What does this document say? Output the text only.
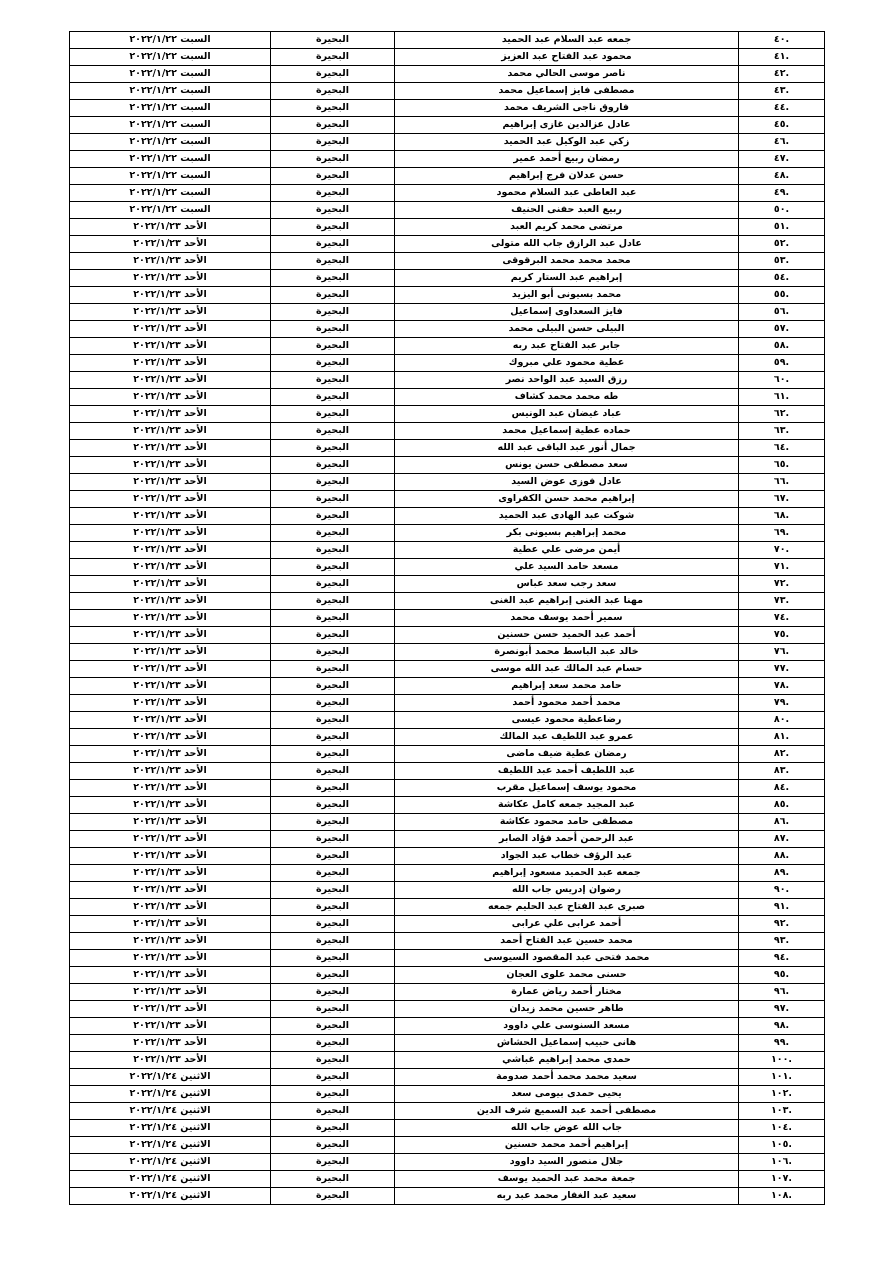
.٤٠	جمعه عبد السلام عبد الحميد	البحيرة	السبت ٢٠٢٢/١/٢٢
.٤١	محمود عبد الفتاح عبد العزيز	البحيرة	السبت ٢٠٢٢/١/٢٢
.٤٢	ناصر موسى الحالي محمد	البحيرة	السبت ٢٠٢٢/١/٢٢
.٤٣	مصطفى فايز إسماعيل محمد	البحيرة	السبت ٢٠٢٢/١/٢٢
.٤٤	فاروق ناجى الشريف محمد	البحيرة	السبت ٢٠٢٢/١/٢٢
.٤٥	عادل عزالدين غازى إبراهيم	البحيرة	السبت ٢٠٢٢/١/٢٢
.٤٦	زكي عبد الوكيل عبد الحميد	البحيرة	السبت ٢٠٢٢/١/٢٢
.٤٧	رمضان ربيع أحمد عمير	البحيرة	السبت ٢٠٢٢/١/٢٢
.٤٨	حسن عدلان فرج إبراهيم	البحيرة	السبت ٢٠٢٢/١/٢٢
.٤٩	عبد العاطى عبد السلام محمود	البحيرة	السبت ٢٠٢٢/١/٢٢
.٥٠	ربيع العبد حفنى الحنيف	البحيرة	السبت ٢٠٢٢/١/٢٢
.٥١	مرتضى محمد كريم العبد	البحيرة	الأحد ٢٠٢٢/١/٢٣
.٥٢	عادل عبد الرازق جاب الله متولى	البحيرة	الأحد ٢٠٢٢/١/٢٣
.٥٣	محمد محمد محمد البرقوقى	البحيرة	الأحد ٢٠٢٢/١/٢٣
.٥٤	إبراهيم عبد الستار كريم	البحيرة	الأحد ٢٠٢٢/١/٢٣
.٥٥	محمد بسيونى أبو اليزيد	البحيرة	الأحد ٢٠٢٢/١/٢٣
.٥٦	فايز السعداوى إسماعيل	البحيرة	الأحد ٢٠٢٢/١/٢٣
.٥٧	البيلى حسن البيلى محمد	البحيرة	الأحد ٢٠٢٢/١/٢٣
.٥٨	جابر عبد الفتاح عبد ربه	البحيرة	الأحد ٢٠٢٢/١/٢٣
.٥٩	عطية محمود علي مبروك	البحيرة	الأحد ٢٠٢٢/١/٢٣
.٦٠	رزق السيد عبد الواحد نصر	البحيرة	الأحد ٢٠٢٢/١/٢٣
.٦١	طه محمد محمد كشاف	البحيرة	الأحد ٢٠٢٢/١/٢٣
.٦٢	عباد غيضان عبد الونيس	البحيرة	الأحد ٢٠٢٢/١/٢٣
.٦٣	حماده عطية إسماعيل محمد	البحيرة	الأحد ٢٠٢٢/١/٢٣
.٦٤	جمال أنور عبد الباقى عبد الله	البحيرة	الأحد ٢٠٢٢/١/٢٣
.٦٥	سعد مصطفى حسن يونس	البحيرة	الأحد ٢٠٢٢/١/٢٣
.٦٦	عادل فوزى عوض السيد	البحيرة	الأحد ٢٠٢٢/١/٢٣
.٦٧	إبراهيم محمد حسن الكفراوى	البحيرة	الأحد ٢٠٢٢/١/٢٣
.٦٨	شوكت عبد الهادى عبد الحميد	البحيرة	الأحد ٢٠٢٢/١/٢٣
.٦٩	محمد إبراهيم بسيونى بكر	البحيرة	الأحد ٢٠٢٢/١/٢٣
.٧٠	أيمن مرضى علي عطية	البحيرة	الأحد ٢٠٢٢/١/٢٣
.٧١	مسعد حامد السيد علي	البحيرة	الأحد ٢٠٢٢/١/٢٣
.٧٢	سعد رجب سعد عباس	البحيرة	الأحد ٢٠٢٢/١/٢٣
.٧٣	مهنا عبد الغنى إبراهيم عبد الغنى	البحيرة	الأحد ٢٠٢٢/١/٢٣
.٧٤	سمير أحمد يوسف محمد	البحيرة	الأحد ٢٠٢٢/١/٢٣
.٧٥	أحمد عبد الحميد حسن حسنين	البحيرة	الأحد ٢٠٢٢/١/٢٣
.٧٦	خالد عبد الباسط محمد أبونصرة	البحيرة	الأحد ٢٠٢٢/١/٢٣
.٧٧	حسام عبد المالك عبد الله موسى	البحيرة	الأحد ٢٠٢٢/١/٢٣
.٧٨	حامد محمد سعد إبراهيم	البحيرة	الأحد ٢٠٢٢/١/٢٣
.٧٩	محمد أحمد محمود أحمد	البحيرة	الأحد ٢٠٢٢/١/٢٣
.٨٠	رضاعطية محمود عيسى	البحيرة	الأحد ٢٠٢٢/١/٢٣
.٨١	عمرو عبد اللطيف عبد المالك	البحيرة	الأحد ٢٠٢٢/١/٢٣
.٨٢	رمضان عطية ضيف ماضى	البحيرة	الأحد ٢٠٢٢/١/٢٣
.٨٣	عبد اللطيف أحمد عبد اللطيف	البحيرة	الأحد ٢٠٢٢/١/٢٣
.٨٤	محمود يوسف إسماعيل مقرب	البحيرة	الأحد ٢٠٢٢/١/٢٣
.٨٥	عبد المجيد جمعه كامل عكاشة	البحيرة	الأحد ٢٠٢٢/١/٢٣
.٨٦	مصطفى حامد محمود عكاشة	البحيرة	الأحد ٢٠٢٢/١/٢٣
.٨٧	عبد الرحمن أحمد فؤاد الصابر	البحيرة	الأحد ٢٠٢٢/١/٢٣
.٨٨	عبد الرؤف خطاب عبد الجواد	البحيرة	الأحد ٢٠٢٢/١/٢٣
.٨٩	جمعه عبد الحميد مسعود إبراهيم	البحيرة	الأحد ٢٠٢٢/١/٢٣
.٩٠	رضوان إدريس جاب الله	البحيرة	الأحد ٢٠٢٢/١/٢٣
.٩١	صبرى عبد الفتاح عبد الحليم جمعه	البحيرة	الأحد ٢٠٢٢/١/٢٣
.٩٢	أحمد عرابى علي عرابى	البحيرة	الأحد ٢٠٢٢/١/٢٣
.٩٣	محمد حسين عبد الفتاح أحمد	البحيرة	الأحد ٢٠٢٢/١/٢٣
.٩٤	محمد فتحى عبد المقصود السيوسى	البحيرة	الأحد ٢٠٢٢/١/٢٣
.٩٥	حسنى محمد علوى العجان	البحيرة	الأحد ٢٠٢٢/١/٢٣
.٩٦	مختار أحمد رياض عمارة	البحيرة	الأحد ٢٠٢٢/١/٢٣
.٩٧	طاهر حسين محمد زيدان	البحيرة	الأحد ٢٠٢٢/١/٢٣
.٩٨	مسعد السنوسى علي داوود	البحيرة	الأحد ٢٠٢٢/١/٢٣
.٩٩	هانى حبيب إسماعيل الحشاش	البحيرة	الأحد ٢٠٢٢/١/٢٣
.١٠٠	حمدى محمد إبراهيم غباشي	البحيرة	الأحد ٢٠٢٢/١/٢٣
.١٠١	سعيد محمد محمد أحمد صدومة	البحيرة	الاثنين ٢٠٢٢/١/٢٤
.١٠٢	يحيى حمدى بيومى سعد	البحيرة	الاثنين ٢٠٢٢/١/٢٤
.١٠٣	مصطفى أحمد عبد السميع شرف الدين	البحيرة	الاثنين ٢٠٢٢/١/٢٤
.١٠٤	جاب الله عوض جاب الله	البحيرة	الاثنين ٢٠٢٢/١/٢٤
.١٠٥	إبراهيم أحمد محمد حسنين	البحيرة	الاثنين ٢٠٢٢/١/٢٤
.١٠٦	جلال منصور السيد داوود	البحيرة	الاثنين ٢٠٢٢/١/٢٤
.١٠٧	جمعة محمد عبد الحميد يوسف	البحيرة	الاثنين ٢٠٢٢/١/٢٤
.١٠٨	سعيد عبد الغفار محمد عبد ربه	البحيرة	الاثنين ٢٠٢٢/١/٢٤
